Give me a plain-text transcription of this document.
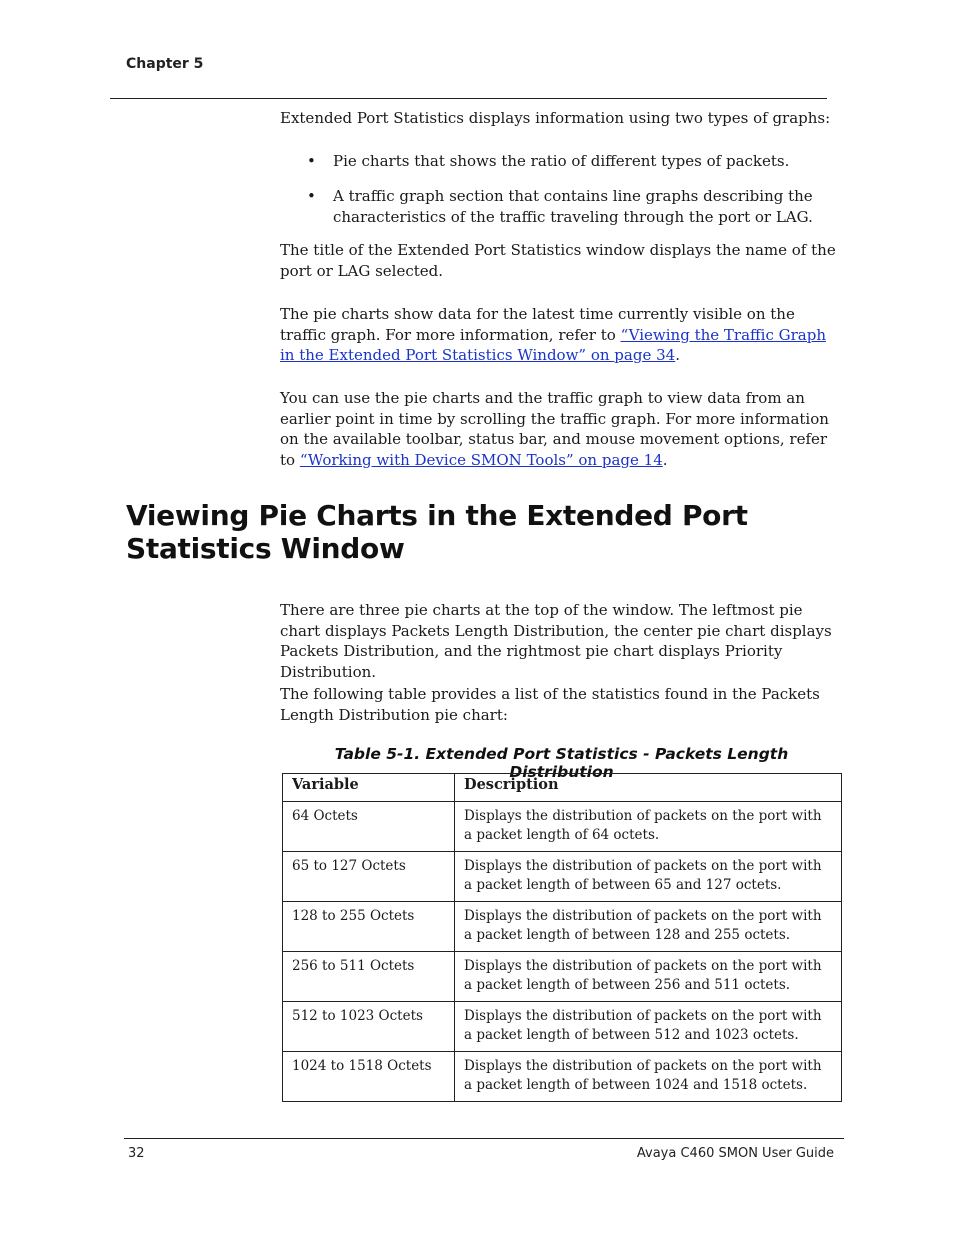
Chapter 5
Extended Port Statistics displays information using two types of graphs:
•	Pie charts that shows the ratio of different types of packets.
•	A traffic graph section that contains line graphs describing the characteristics of the traffic traveling through the port or LAG.
The title of the Extended Port Statistics window displays the name of the port or LAG selected.
The pie charts show data for the latest time currently visible on the traffic graph. For more information, refer to “Viewing the Traffic Graph in the Extended Port Statistics Window” on page 34.
You can use the pie charts and the traffic graph to view data from an earlier point in time by scrolling the traffic graph. For more information on the available toolbar, status bar, and mouse movement options, refer to “Working with Device SMON Tools” on page 14.
Viewing Pie Charts in the Extended Port Statistics Window
There are three pie charts at the top of the window. The leftmost pie chart displays Packets Length Distribution, the center pie chart displays Packets Distribution, and the rightmost pie chart displays Priority Distribution.
The following table provides a list of the statistics found in the Packets Length Distribution pie chart:
Table 5-1. Extended Port Statistics - Packets Length Distribution
Variable	Description
64 Octets	Displays the distribution of packets on the port with a packet length of 64 octets.
65 to 127 Octets	Displays the distribution of packets on the port with a packet length of between 65 and 127 octets.
128 to 255 Octets	Displays the distribution of packets on the port with a packet length of between 128 and 255 octets.
256 to 511 Octets	Displays the distribution of packets on the port with a packet length of between 256 and 511 octets.
512 to 1023 Octets	Displays the distribution of packets on the port with a packet length of between 512 and 1023 octets.
1024 to 1518 Octets	Displays the distribution of packets on the port with a packet length of between 1024 and 1518 octets.
32	Avaya C460 SMON User Guide
